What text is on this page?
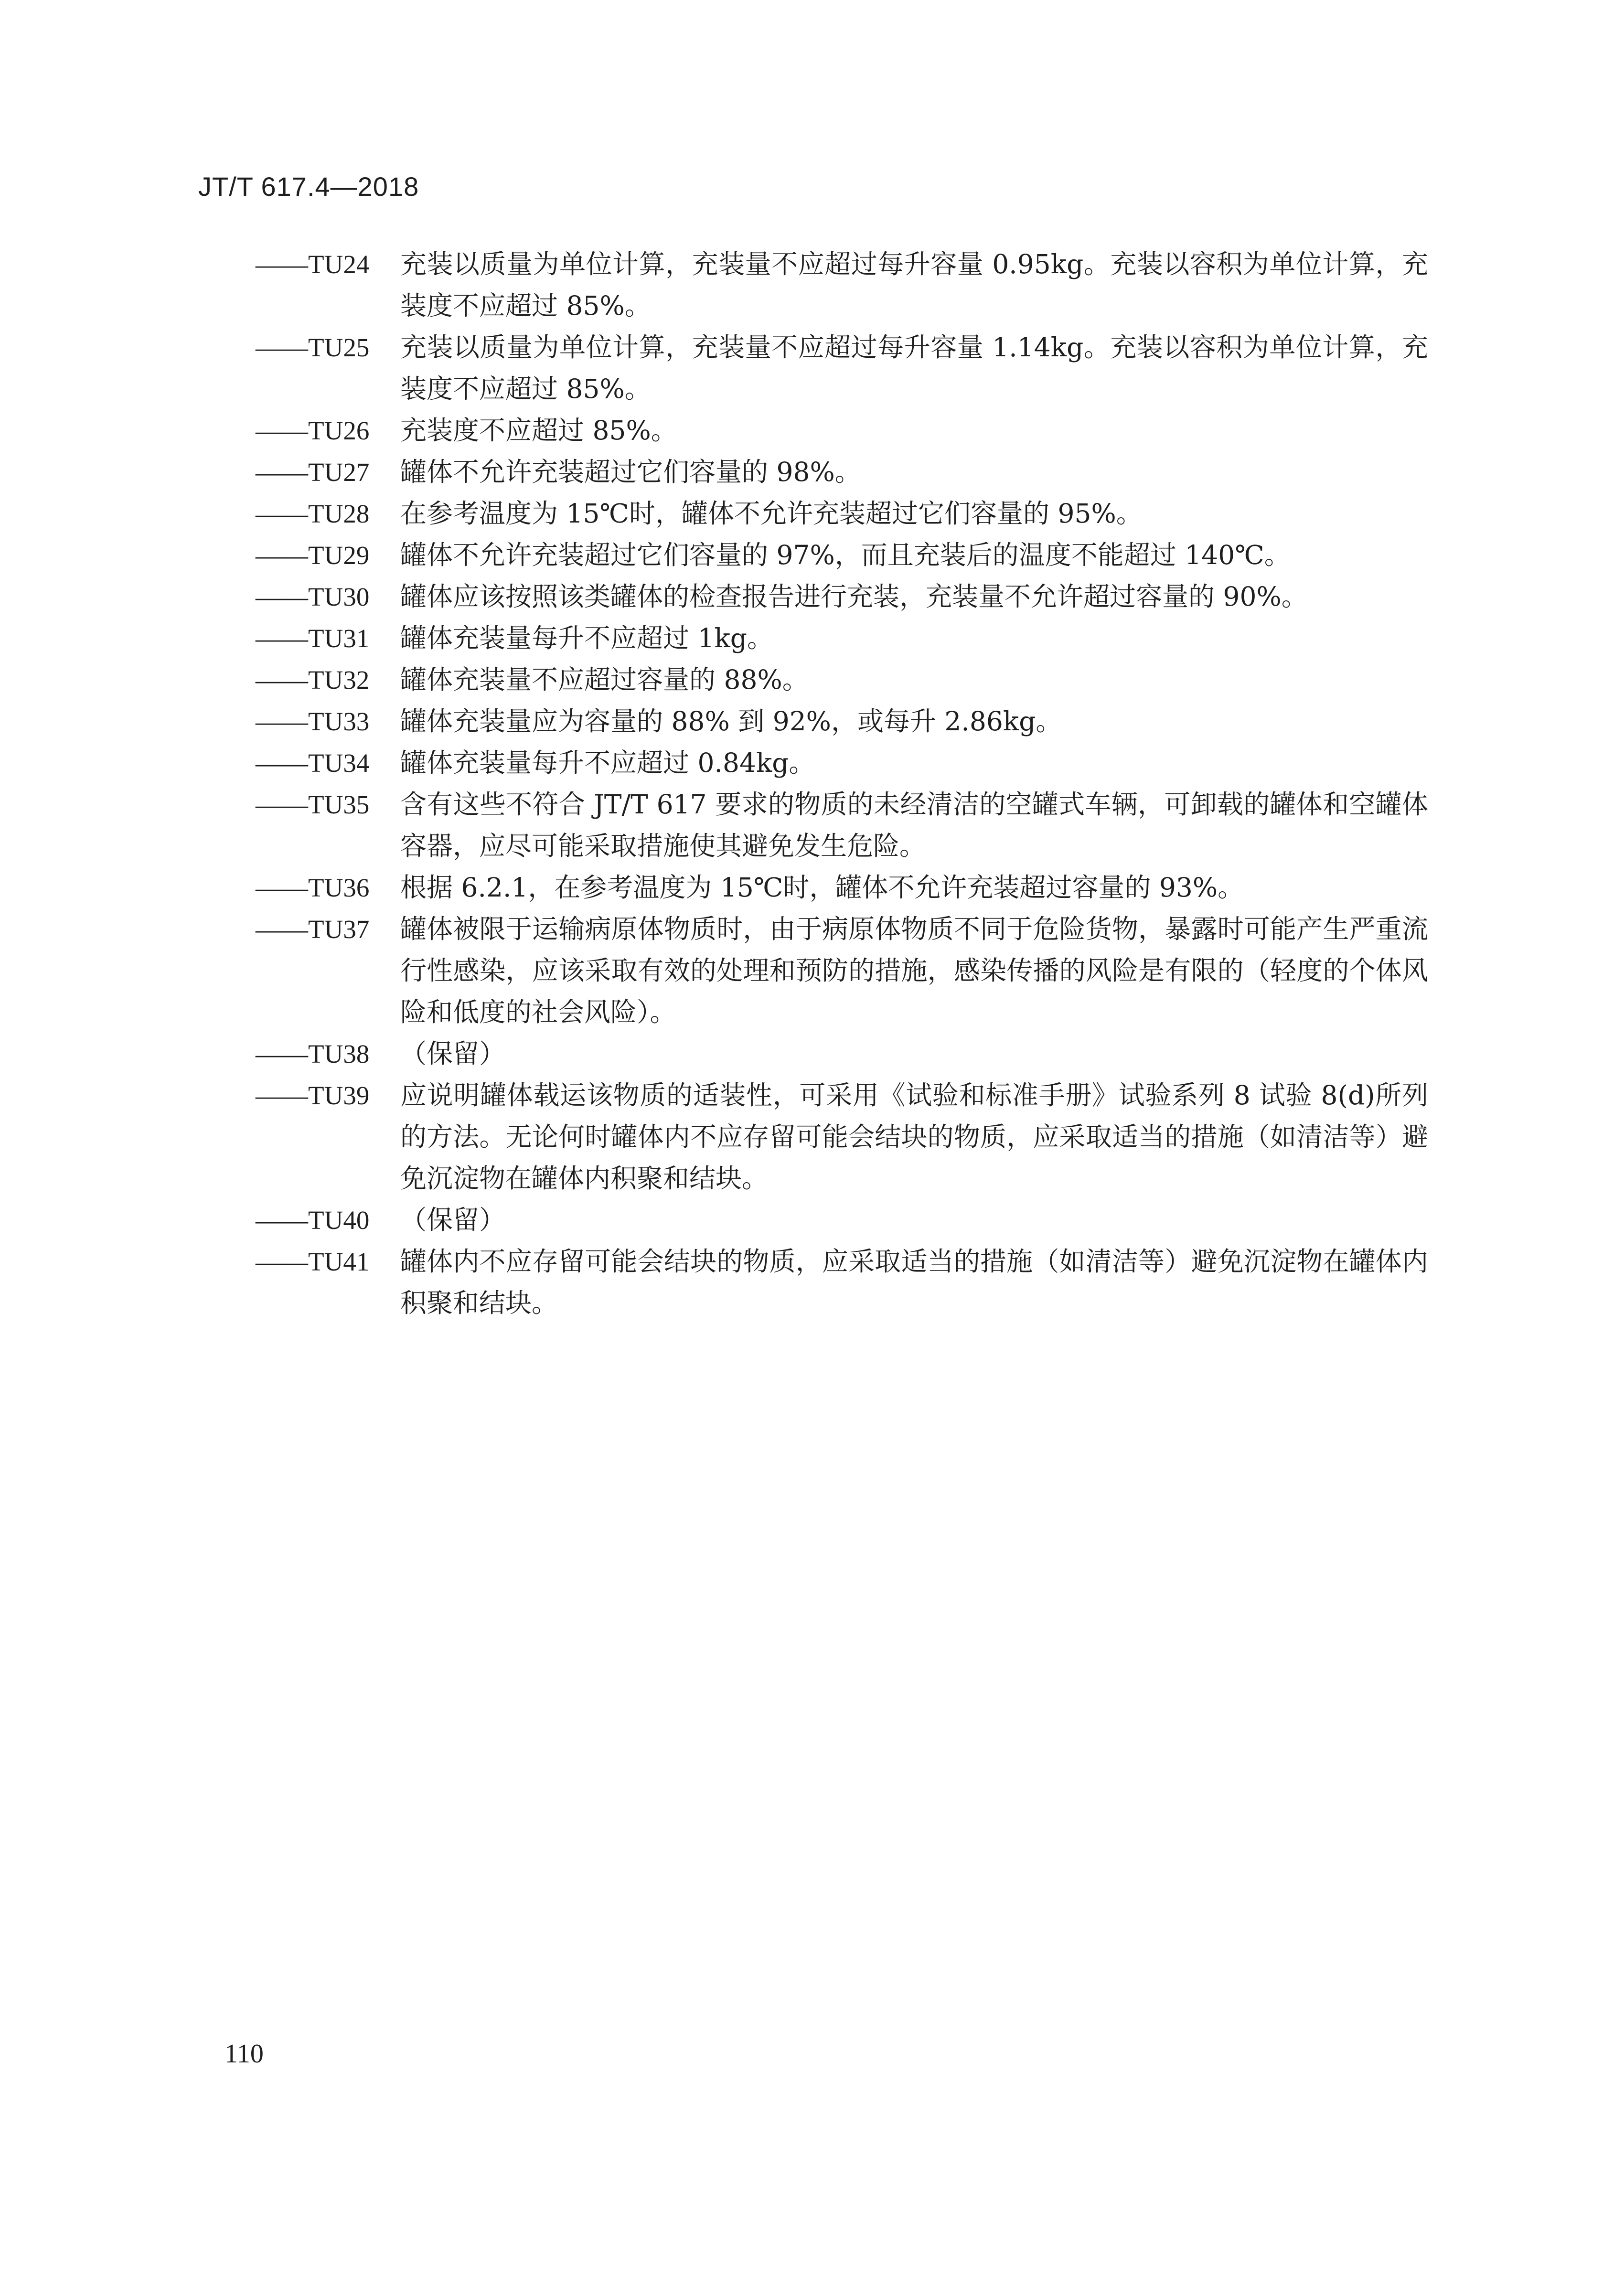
JT/T 617.4—2018
——TU24	充装以质量为单位计算，充装量不应超过每升容量 0.95kg。充装以容积为单位计算，充装度不应超过 85%。
——TU25	充装以质量为单位计算，充装量不应超过每升容量 1.14kg。充装以容积为单位计算，充装度不应超过 85%。
——TU26	充装度不应超过 85%。
——TU27	罐体不允许充装超过它们容量的 98%。
——TU28	在参考温度为 15℃时，罐体不允许充装超过它们容量的 95%。
——TU29	罐体不允许充装超过它们容量的 97%，而且充装后的温度不能超过 140℃。
——TU30	罐体应该按照该类罐体的检查报告进行充装，充装量不允许超过容量的 90%。
——TU31	罐体充装量每升不应超过 1kg。
——TU32	罐体充装量不应超过容量的 88%。
——TU33	罐体充装量应为容量的 88% 到 92%，或每升 2.86kg。
——TU34	罐体充装量每升不应超过 0.84kg。
——TU35	含有这些不符合 JT/T 617 要求的物质的未经清洁的空罐式车辆，可卸载的罐体和空罐体容器，应尽可能采取措施使其避免发生危险。
——TU36	根据 6.2.1，在参考温度为 15℃时，罐体不允许充装超过容量的 93%。
——TU37	罐体被限于运输病原体物质时，由于病原体物质不同于危险货物，暴露时可能产生严重流行性感染，应该采取有效的处理和预防的措施，感染传播的风险是有限的（轻度的个体风险和低度的社会风险）。
——TU38	（保留）
——TU39	应说明罐体载运该物质的适装性，可采用《试验和标准手册》试验系列 8 试验 8(d)所列的方法。无论何时罐体内不应存留可能会结块的物质，应采取适当的措施（如清洁等）避免沉淀物在罐体内积聚和结块。
——TU40	（保留）
——TU41	罐体内不应存留可能会结块的物质，应采取适当的措施（如清洁等）避免沉淀物在罐体内积聚和结块。
110
